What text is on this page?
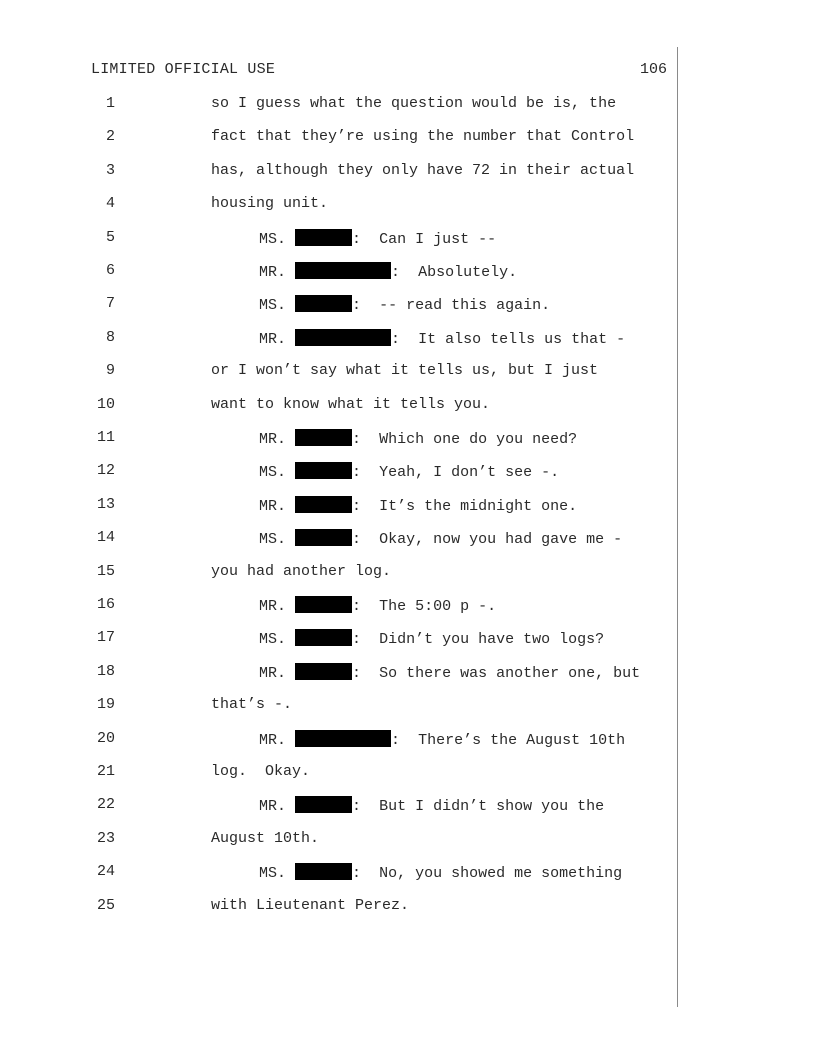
LIMITED OFFICIAL USE	106
1	so I guess what the question would be is, the
2	fact that they’re using the number that Control
3	has, although they only have 72 in their actual
4	housing unit.
5	MS.	: Can I just --
6	MR.	: Absolutely.
7	MS.	: -- read this again.
8	MR.	: It also tells us that -
9	or I won’t say what it tells us, but I just
10	want to know what it tells you.
11	MR.	: Which one do you need?
12	MS.	: Yeah, I don’t see -.
13	MR.	: It’s the midnight one.
14	MS.	: Okay, now you had gave me -
15	you had another log.
16	MR.	: The 5:00 p -.
17	MS.	: Didn’t you have two logs?
18	MR.	: So there was another one, but
19	that’s -.
20	MR.	: There’s the August 10th
21	log.  Okay.
22	MR.	: But I didn’t show you the
23	August 10th.
24	MS.	: No, you showed me something
25	with Lieutenant Perez.
